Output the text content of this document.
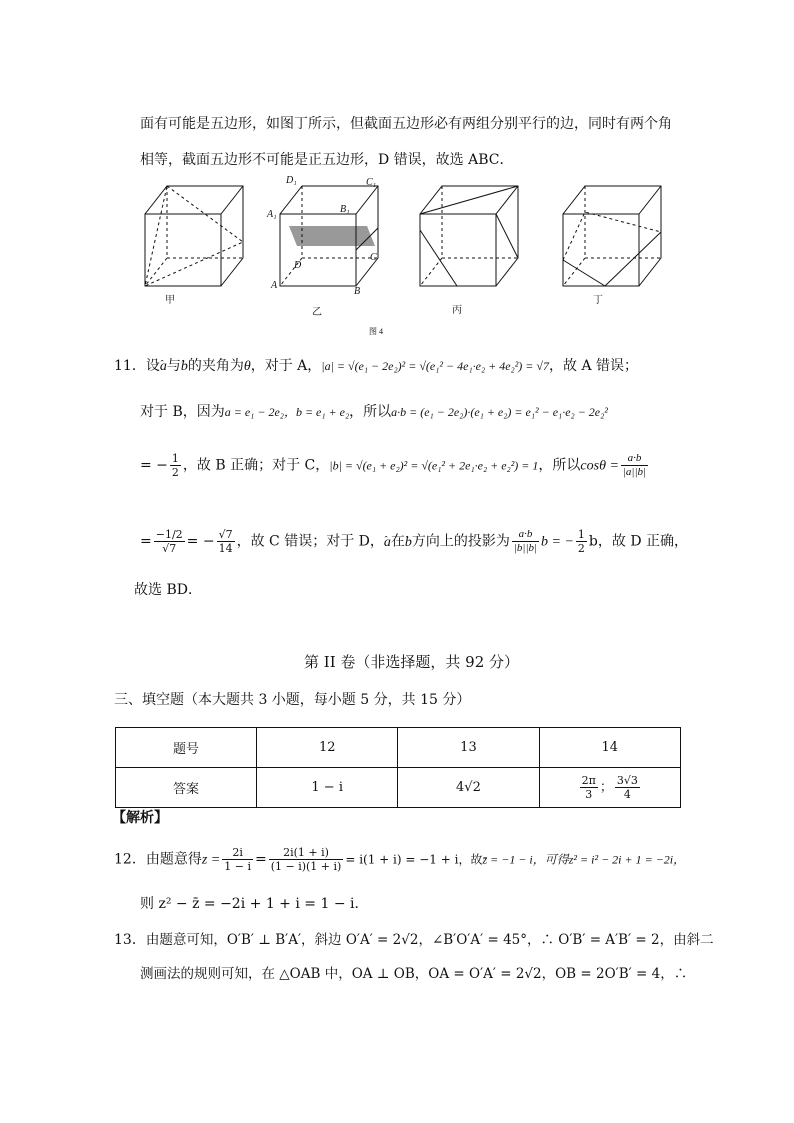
面有可能是五边形，如图丁所示，但截面五边形必有两组分别平行的边，同时有两个角
相等，截面五边形不可能是正五边形，D 错误，故选 ABC．
D₁	C₁
A₁	B₁
D
C
A
B
甲
乙	丙
丁
图 4
11．设ˇ a与ˇ b的夹角为θ，对于 A，|a| = √(e₁ − 2e₂)² = √(e₁² − 4e₁·e₂ + 4e₂²) = √7，故 A 错误；
对于 B，因为a = e₁ − 2e₂，b = e₁ + e₂，所以a·b = (e₁ − 2e₂)·(e₁ + e₂) = e₁² − e₁·e₂ − 2e₂²
= − $\frac{1}{2}$ ，故 B 正确；对于 C，|b| = √(e₁ + e₂)² = √(e₁² + 2e₁·e₂ + e₂²) = 1，所以$\cos\theta = \frac{a\cdot b}{|a||b|}$
= $\frac{-1/2}{√7}$ = − $\frac{√7}{14}$ ，故 C 错误；对于 D，ˇ a在ˇ b方向上的投影为 $\frac{a\cdot b}{|b||b|}$ b = − $\frac{1}{2}$ b，故 D 正确，
故选 BD．
第 II 卷（非选择题，共 92 分）
三、填空题（本大题共 3 小题，每小题 5 分，共 15 分）
题号	12	13	14
答案	1 − i	4√2	$\frac{2\pi}{3}$ ； $\frac{3√3}{4}$
【解析】
12．由题意得$z = \frac{2i}{1 - i} = \frac{2i(1 + i)}{(1 - i)(1 + i)} = i(1 + i) = -1 + i$，故z̄ = −1 − i，可得z² = i² − 2i + 1 = −2i，
则 z² − z̄ = −2i + 1 + i = 1 − i．
13．由题意可知，O′B′ ⊥ B′A′，斜边 O′A′ = 2√2，∠B′O′A′ = 45°，∴ O′B′ = A′B′ = 2，由斜二
测画法的规则可知，在 △OAB 中，OA ⊥ OB，OA = O′A′ = 2√2，OB = 2O′B′ = 4，∴
